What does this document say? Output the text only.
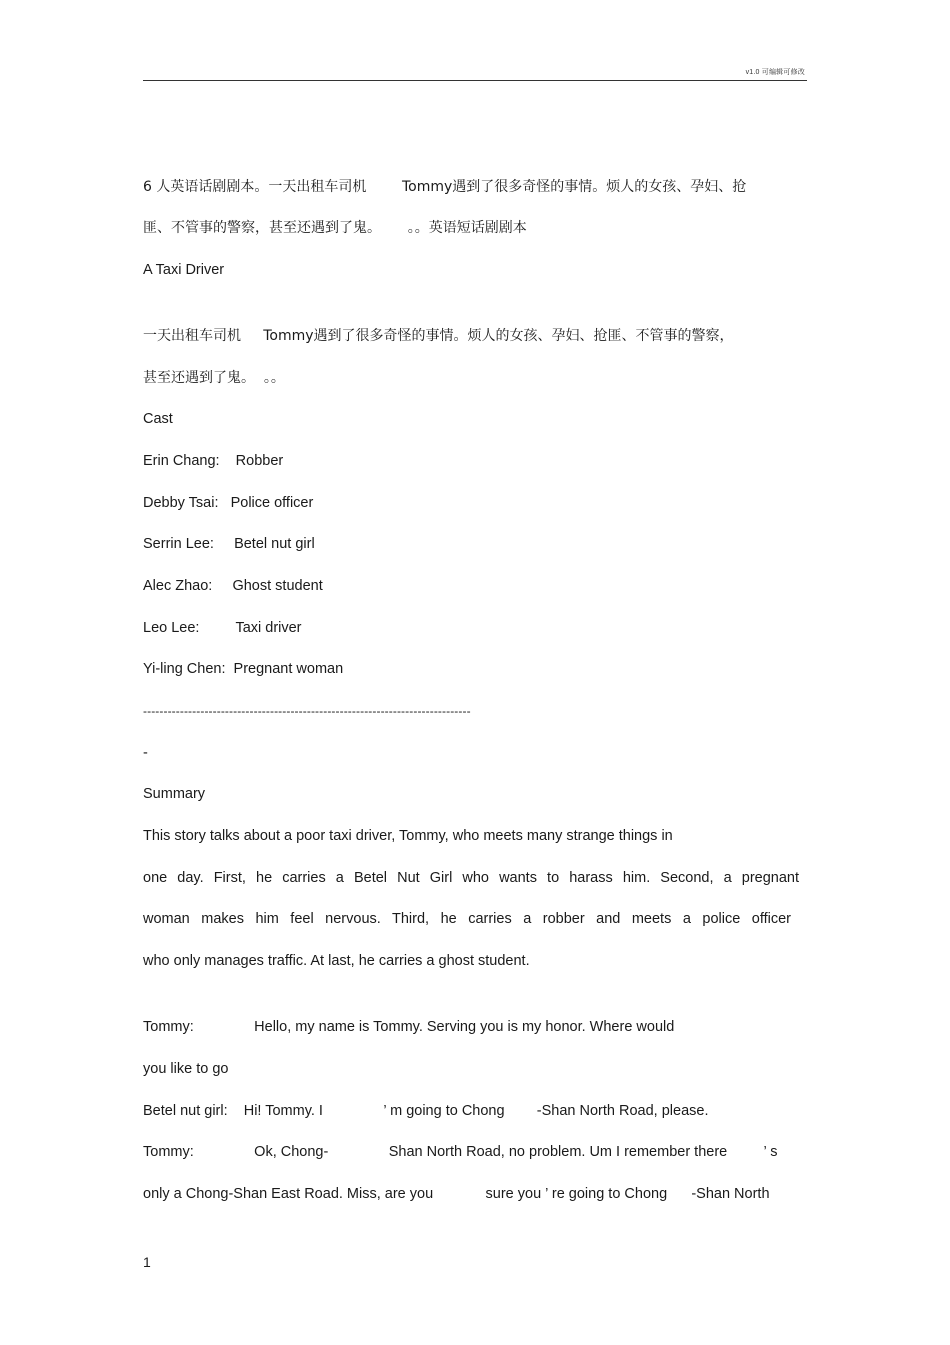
v1.0 可编辑可修改
6 人英语话剧剧本。一天出租车司机        Tommy遇到了很多奇怪的事情。烦人的女孩、孕妇、抢
匪、不管事的警察，甚至还遇到了鬼。      。。英语短话剧剧本
A Taxi Driver
一天出租车司机     Tommy遇到了很多奇怪的事情。烦人的女孩、孕妇、抢匪、不管事的警察，
甚至还遇到了鬼。  。。
Cast
Erin Chang:    Robber
Debby Tsai:   Police officer
Serrin Lee:     Betel nut girl
Alec Zhao:     Ghost student
Leo Lee:         Taxi driver
Yi-ling Chen:  Pregnant woman
--------------------------------------------------------------------------------
-
Summary
This story talks about a poor taxi driver, Tommy, who meets many strange things in
one day. First, he carries a Betel Nut Girl who wants to harass him. Second, a pregnant
woman makes him feel nervous. Third, he carries a robber and meets a police officer
who only manages traffic. At last, he carries a ghost student.
Tommy:               Hello, my name is Tommy. Serving you is my honor. Where would
you like to go
Betel nut girl:    Hi! Tommy. I               ’ m going to Chong        -Shan North Road, please.
Tommy:               Ok, Chong-               Shan North Road, no problem. Um I remember there         ’ s
only a Chong-Shan East Road. Miss, are you             sure you ’ re going to Chong      -Shan North
1
